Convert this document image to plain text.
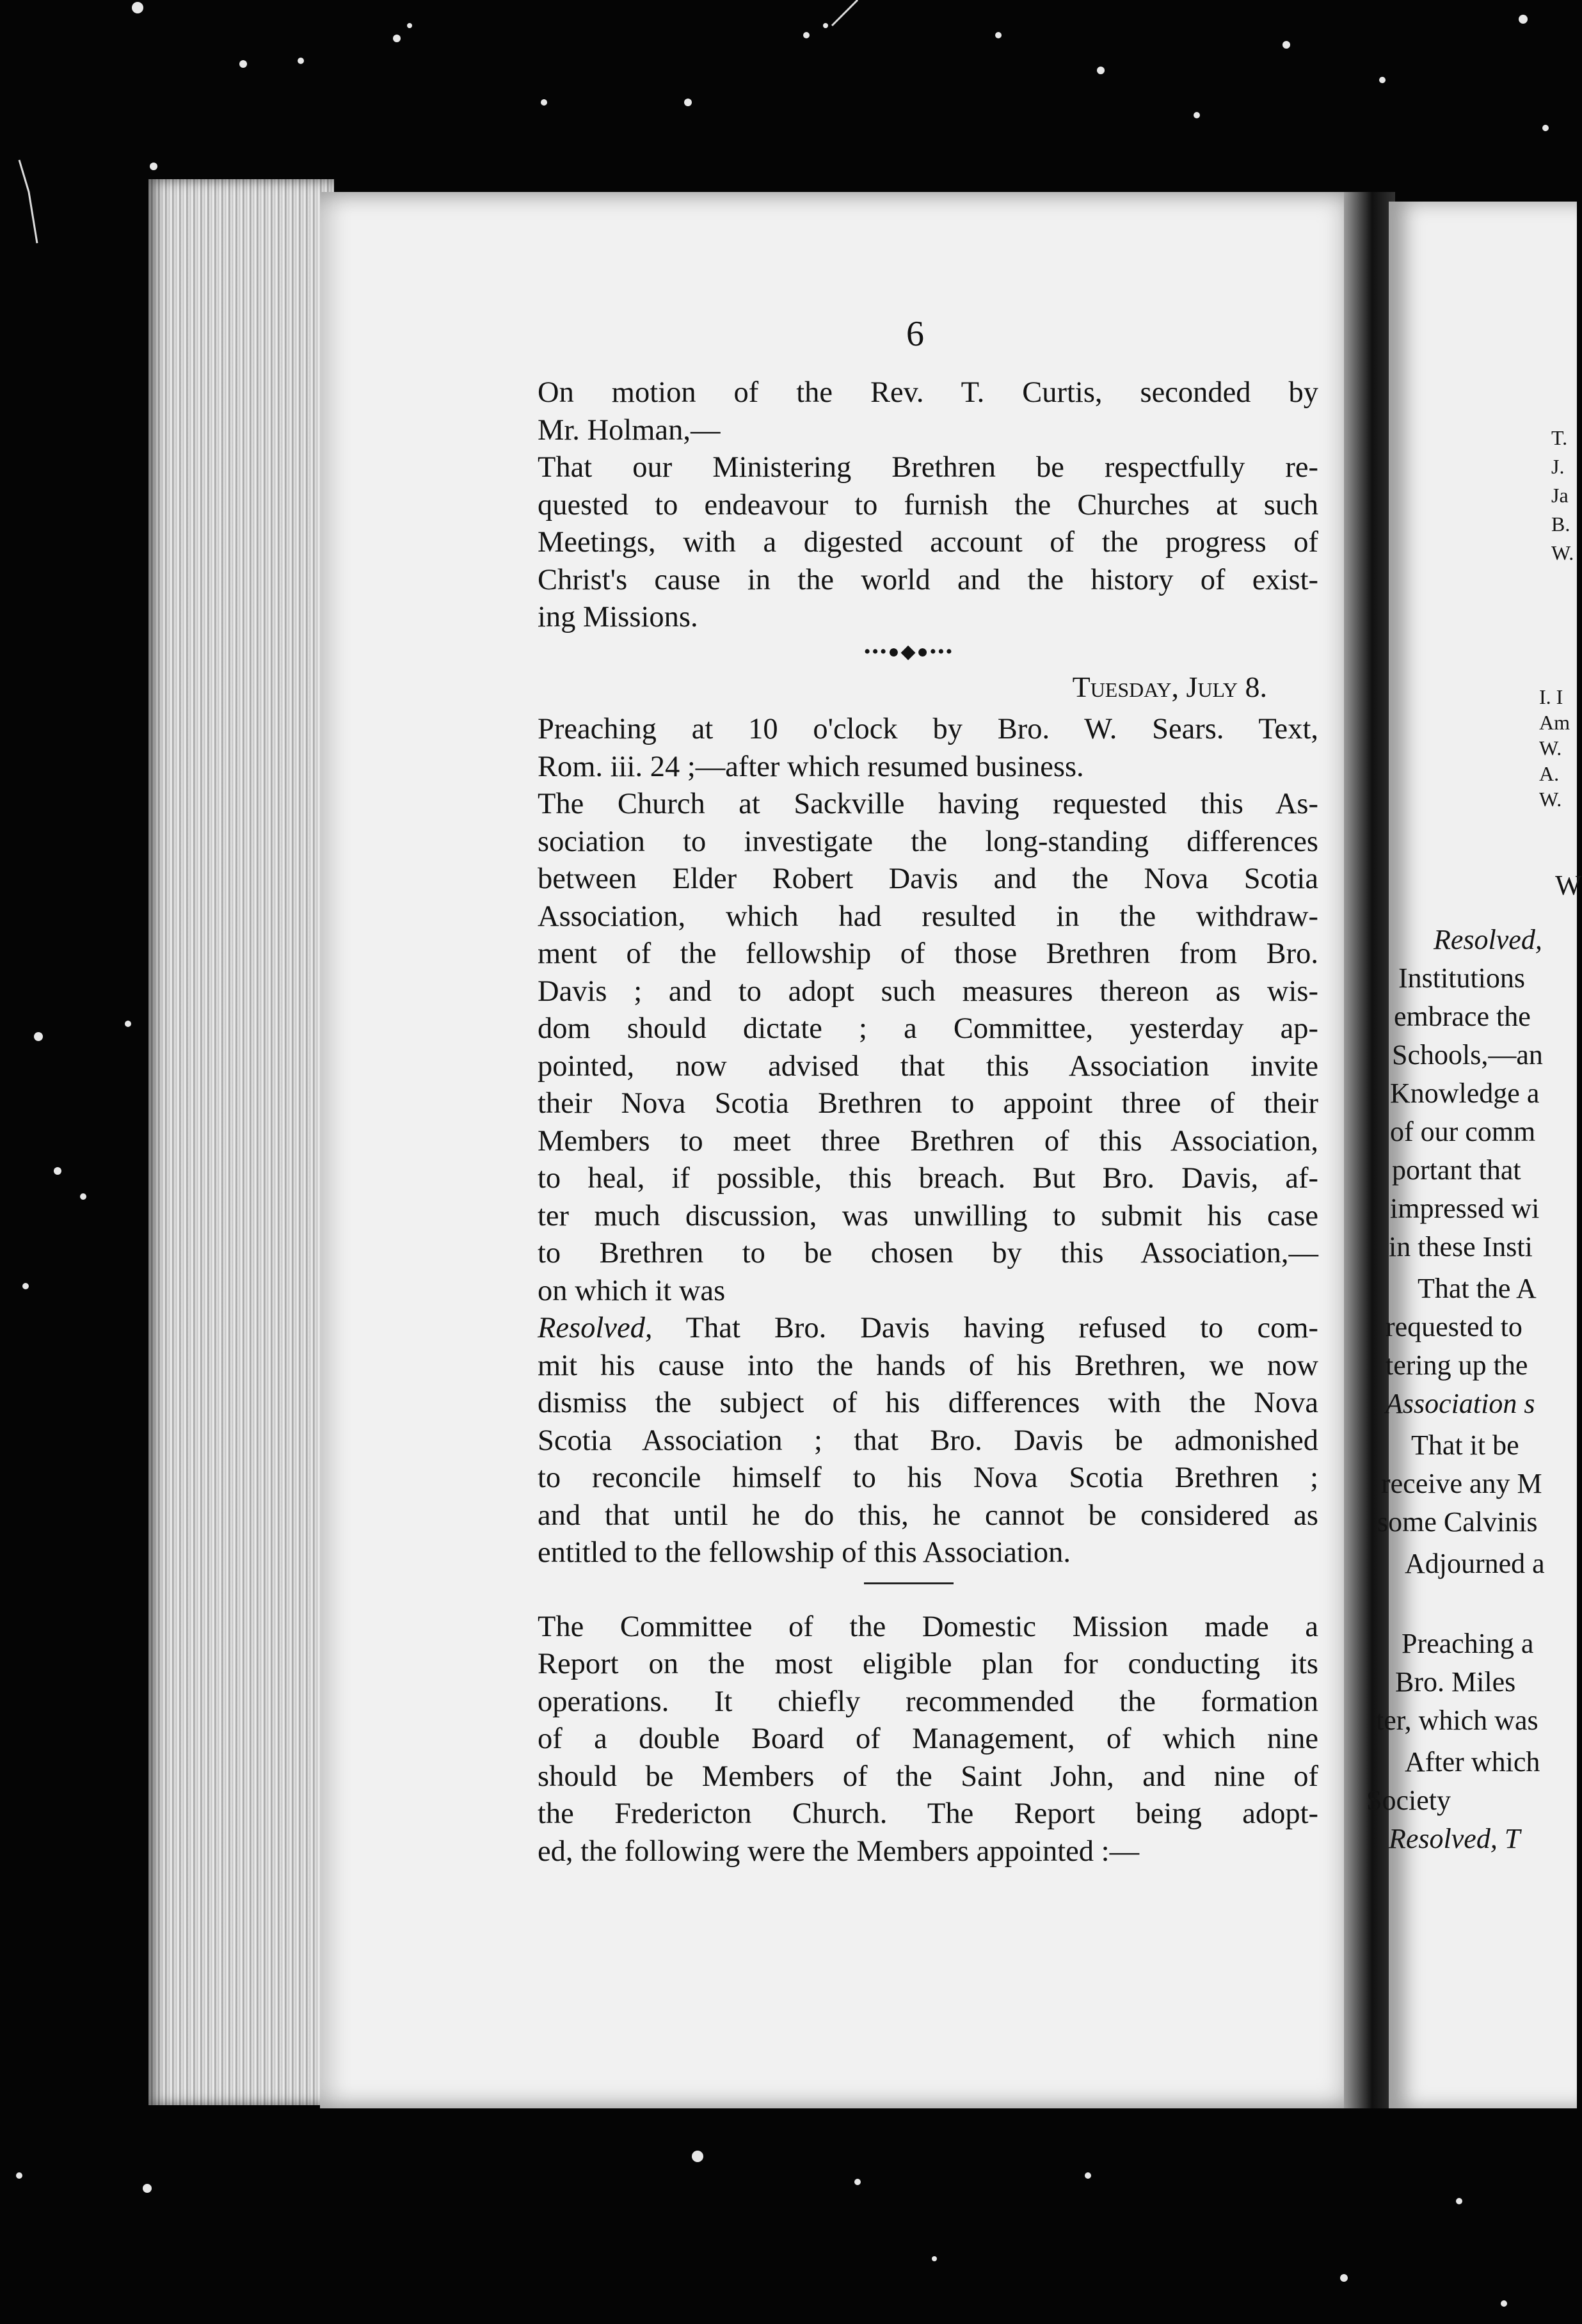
6

On motion of the Rev. T. Curtis, seconded by
Mr. Holman,—

That our Ministering Brethren be respectfully re-
quested to endeavour to furnish the Churches at such
Meetings, with a digested account of the progress of
Christ's cause in the world and the history of exist-
ing Missions.

•••●◆●•••

Tuesday, July 8.

Preaching at 10 o'clock by Bro. W. Sears. Text,
Rom. iii. 24 ;—after which resumed business.

The Church at Sackville having requested this As-
sociation to investigate the long-standing differences
between Elder Robert Davis and the Nova Scotia
Association, which had resulted in the withdraw-
ment of the fellowship of those Brethren from Bro.
Davis ; and to adopt such measures thereon as wis-
dom should dictate ; a Committee, yesterday ap-
pointed, now advised that this Association invite
their Nova Scotia Brethren to appoint three of their
Members to meet three Brethren of this Association,
to heal, if possible, this breach. But Bro. Davis, af-
ter much discussion, was unwilling to submit his case
to Brethren to be chosen by this Association,—
on which it was

Resolved, That Bro. Davis having refused to com-
mit his cause into the hands of his Brethren, we now
dismiss the subject of his differences with the Nova
Scotia Association ; that Bro. Davis be admonished
to reconcile himself to his Nova Scotia Brethren ;
and that until he do this, he cannot be considered as
entitled to the fellowship of this Association.

The Committee of the Domestic Mission made a
Report on the most eligible plan for conducting its
operations. It chiefly recommended the formation
of a double Board of Management, of which nine
should be Members of the Saint John, and nine of
the Fredericton Church. The Report being adopt-
ed, the following were the Members appointed :—

T.
J.
Ja
B.
W.
I. I
Am
W.
A.
W.
W
Resolved,
Institutions
embrace the
Schools,—an
Knowledge a
of our comm
portant that
impressed wi
in these Insti
That the A
requested to
tering up the
Association s
That it be
receive any M
some Calvinis
Adjourned a
Preaching a
Bro. Miles
ter, which was
After which
Society
Resolved, T
